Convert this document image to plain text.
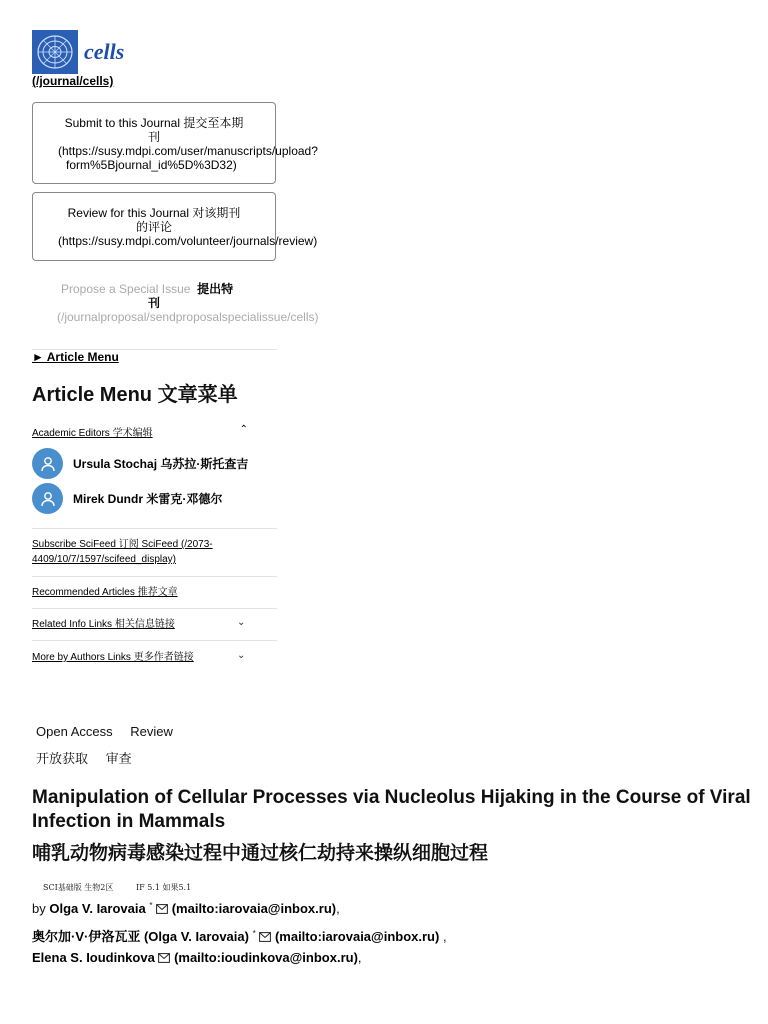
cells
(/journal/cells)
Submit to this Journal 提交至本期
刊
(https://susy.mdpi.com/user/manuscripts/upload?
form%5Bjournal_id%5D%3D32)
Review for this Journal 对该期刊
的评论
(https://susy.mdpi.com/volunteer/journals/review)
Propose a Special Issue 提出特
刊
(/journalproposal/sendproposalspecialissue/cells)
► Article Menu
Article Menu 文章菜单
Academic Editors 学术编辑	⌃
Ursula Stochaj 乌苏拉·斯托查吉
Mirek Dundr 米雷克·邓德尔
Subscribe SciFeed 订阅 SciFeed (/2073-
4409/10/7/1597/scifeed_display)
Recommended Articles 推荐文章
Related Info Links 相关信息链接	⌄
More by Authors Links 更多作者链接	⌄
Open Access Review
开放获取 审查
Manipulation of Cellular Processes via Nucleolus Hijaking in the Course of Viral Infection in Mammals
哺乳动物病毒感染过程中通过核仁劫持来操纵细胞过程
SCI基础版 生物2区	IF 5.1 如果5.1
by Olga V. Iarovaia * (mailto:iarovaia@inbox.ru),
奥尔加·V·伊洛瓦亚 (Olga V. Iarovaia) * (mailto:iarovaia@inbox.ru) ,
Elena S. Ioudinkova (mailto:ioudinkova@inbox.ru),
